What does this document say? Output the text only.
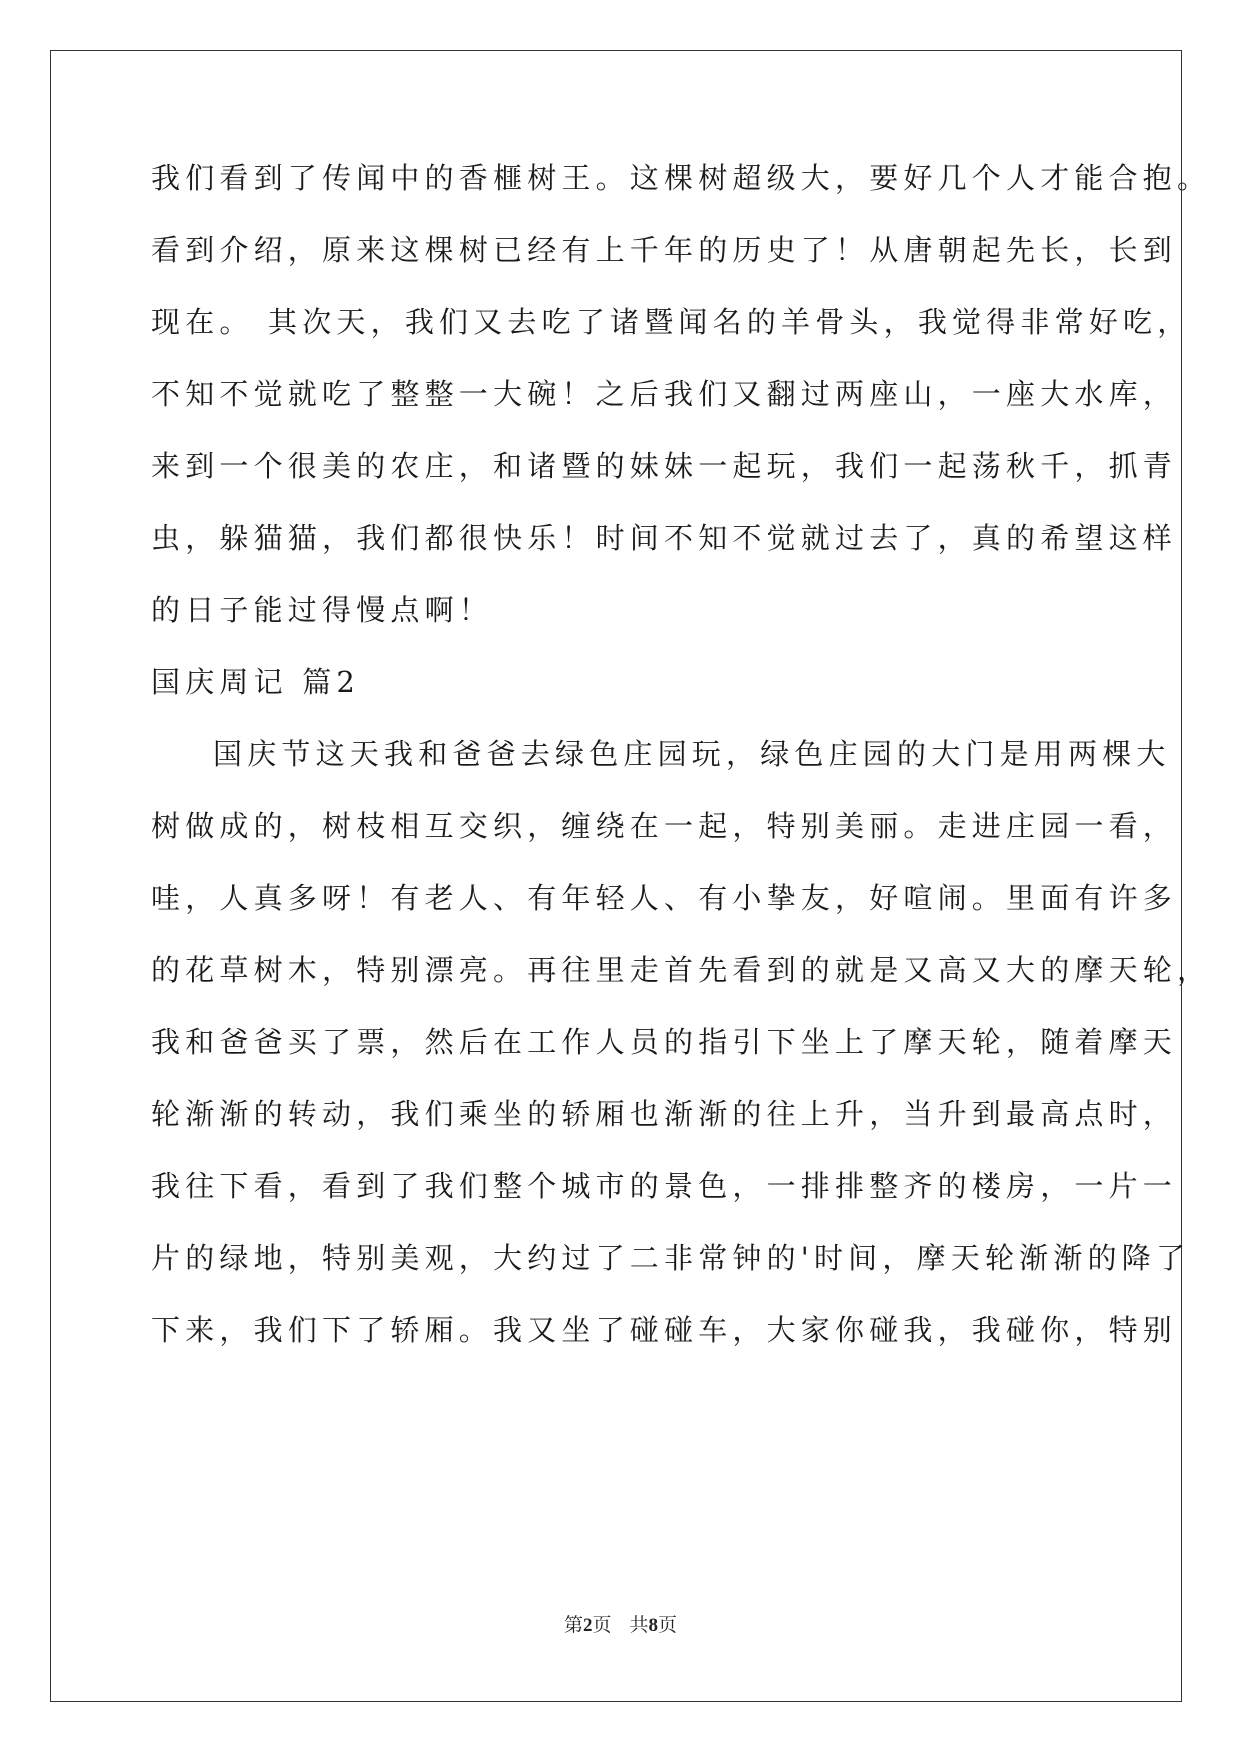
我们看到了传闻中的香榧树王。这棵树超级大，要好几个人才能合抱。
看到介绍，原来这棵树已经有上千年的历史了！从唐朝起先长，长到
现在。 其次天，我们又去吃了诸暨闻名的羊骨头，我觉得非常好吃，
不知不觉就吃了整整一大碗！之后我们又翻过两座山，一座大水库，
来到一个很美的农庄，和诸暨的妹妹一起玩，我们一起荡秋千，抓青
虫，躲猫猫，我们都很快乐！时间不知不觉就过去了，真的希望这样
的日子能过得慢点啊！
国庆周记 篇2
国庆节这天我和爸爸去绿色庄园玩，绿色庄园的大门是用两棵大
树做成的，树枝相互交织，缠绕在一起，特别美丽。走进庄园一看，
哇，人真多呀！有老人、有年轻人、有小挚友，好喧闹。里面有许多
的花草树木，特别漂亮。再往里走首先看到的就是又高又大的摩天轮，
我和爸爸买了票，然后在工作人员的指引下坐上了摩天轮，随着摩天
轮渐渐的转动，我们乘坐的轿厢也渐渐的往上升，当升到最高点时，
我往下看，看到了我们整个城市的景色，一排排整齐的楼房，一片一
片的绿地，特别美观，大约过了二非常钟的'时间，摩天轮渐渐的降了
下来，我们下了轿厢。我又坐了碰碰车，大家你碰我，我碰你，特别
第2页 共8页
